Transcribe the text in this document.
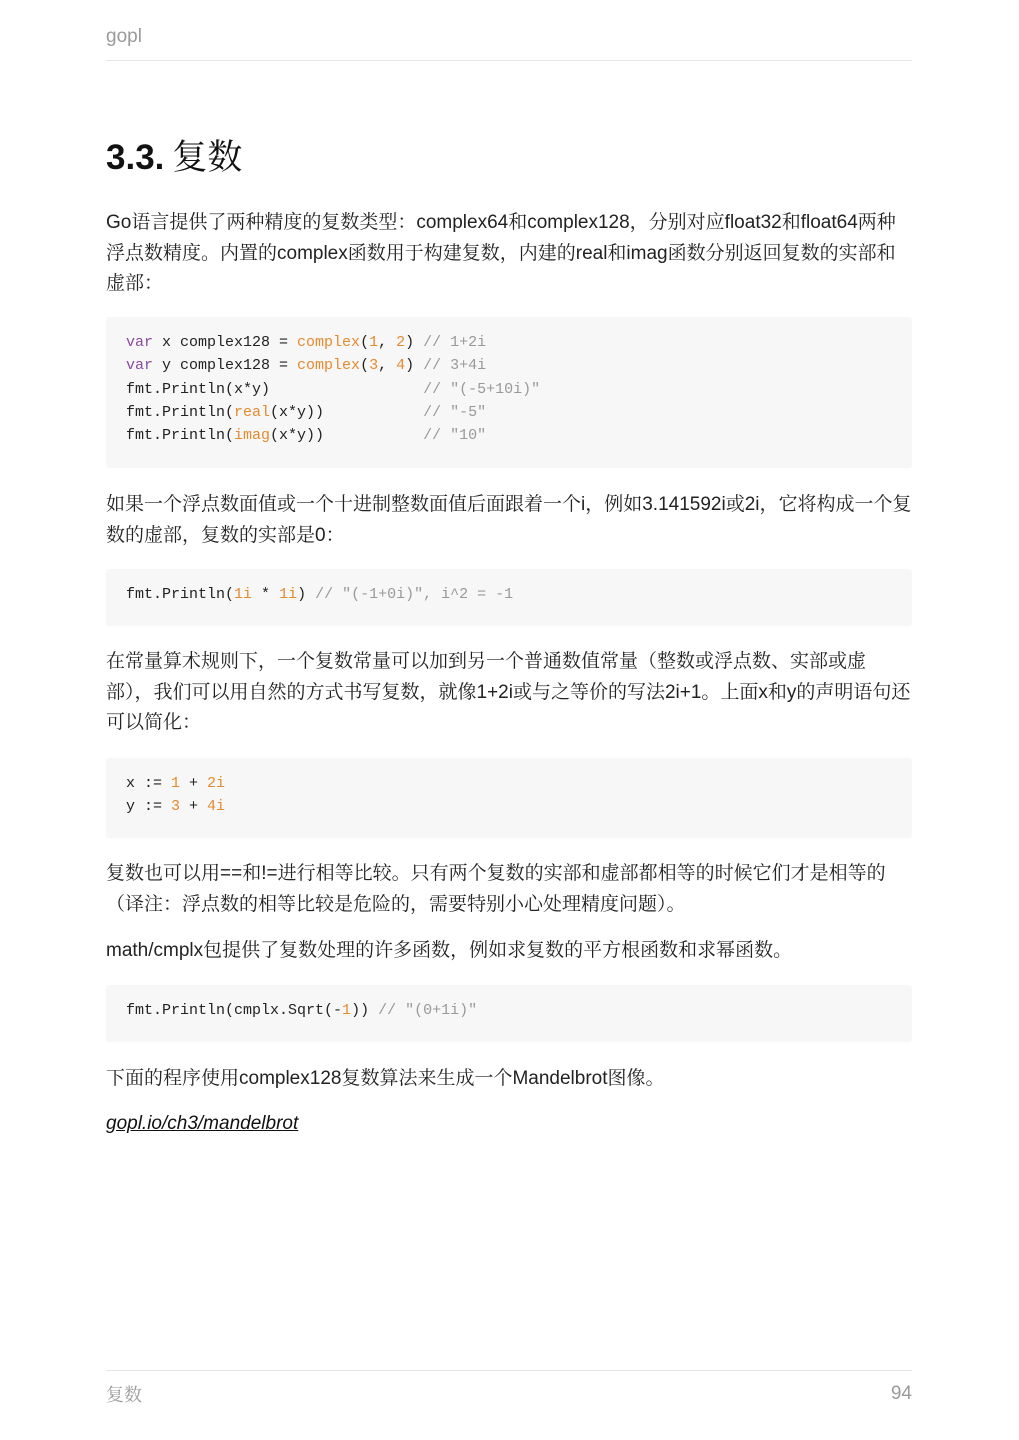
gopl
3.3. 复数

Go语言提供了两种精度的复数类型：complex64和complex128，分别对应float32和float64两种浮点数精度。内置的complex函数用于构建复数，内建的real和imag函数分别返回复数的实部和虚部：

var x complex128 = complex(1, 2) // 1+2i
var y complex128 = complex(3, 4) // 3+4i
fmt.Println(x*y)                 // "(-5+10i)"
fmt.Println(real(x*y))           // "-5"
fmt.Println(imag(x*y))           // "10"

如果一个浮点数面值或一个十进制整数面值后面跟着一个i，例如3.141592i或2i，它将构成一个复数的虚部，复数的实部是0：

fmt.Println(1i * 1i) // "(-1+0i)", i^2 = -1

在常量算术规则下，一个复数常量可以加到另一个普通数值常量（整数或浮点数、实部或虚部），我们可以用自然的方式书写复数，就像1+2i或与之等价的写法2i+1。上面x和y的声明语句还可以简化：

x := 1 + 2i
y := 3 + 4i

复数也可以用==和!=进行相等比较。只有两个复数的实部和虚部都相等的时候它们才是相等的（译注：浮点数的相等比较是危险的，需要特别小心处理精度问题）。

math/cmplx包提供了复数处理的许多函数，例如求复数的平方根函数和求幂函数。

fmt.Println(cmplx.Sqrt(-1)) // "(0+1i)"

下面的程序使用complex128复数算法来生成一个Mandelbrot图像。

gopl.io/ch3/mandelbrot
复数	94
